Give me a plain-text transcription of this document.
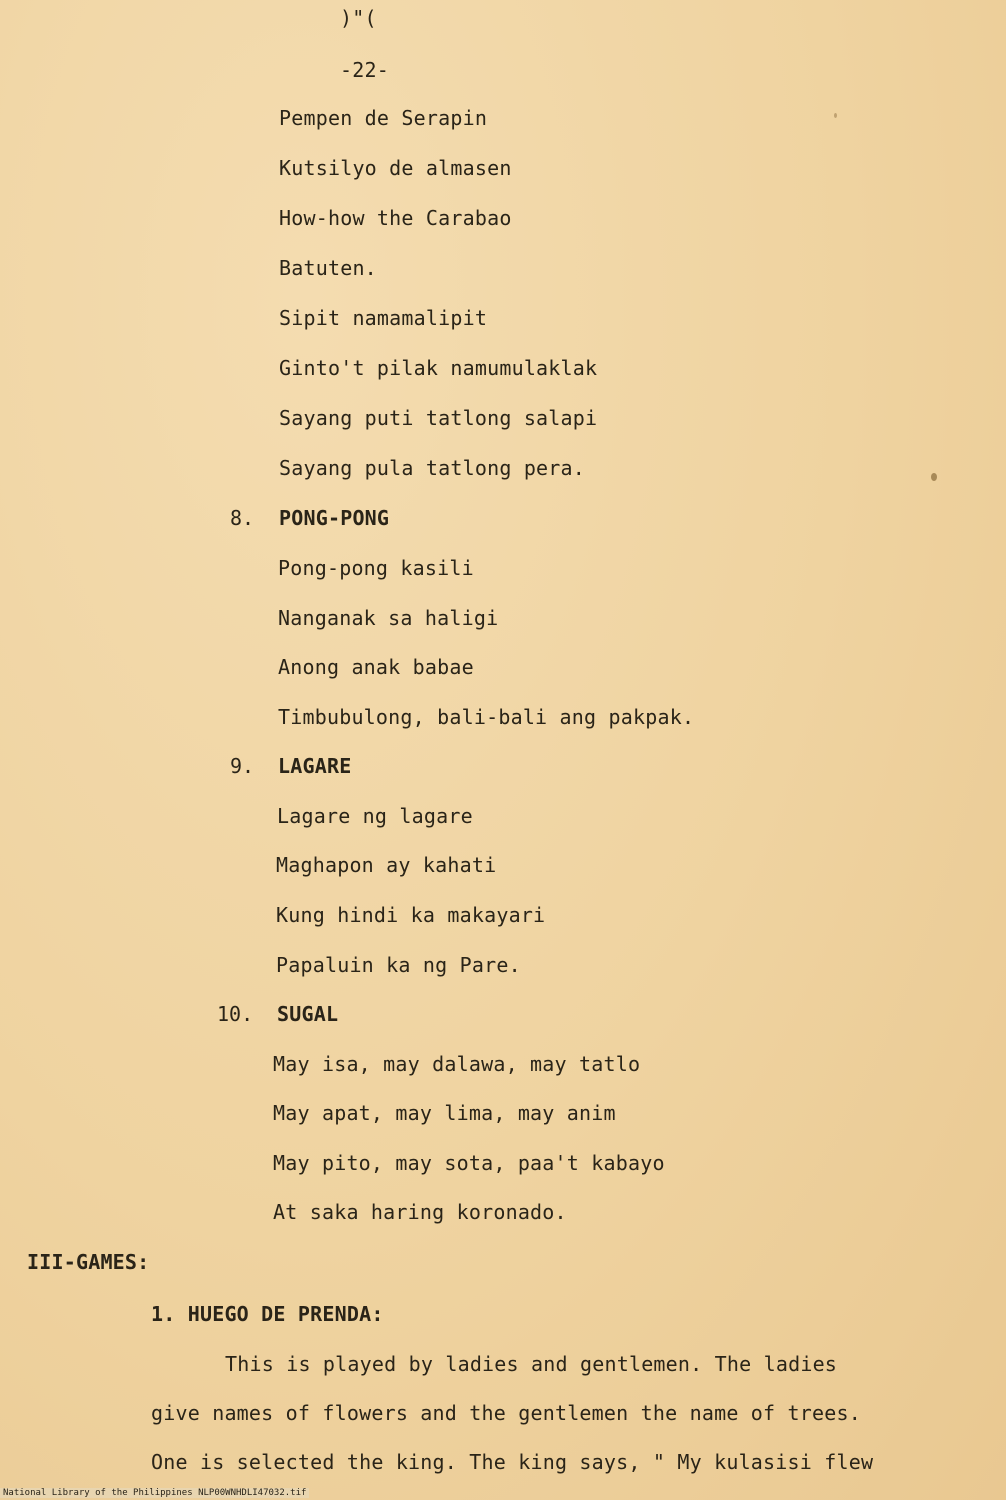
)"(
-22-
Pempen de Serapin
Kutsilyo de almasen
How-how the Carabao
Batuten.
Sipit namamalipit
Ginto't pilak namumulaklak
Sayang puti tatlong salapi
Sayang pula tatlong pera.
8. PONG-PONG
Pong-pong kasili
Nanganak sa haligi
Anong anak babae
Timbubulong, bali-bali ang pakpak.
9. LAGARE
Lagare ng lagare
Maghapon ay kahati
Kung hindi ka makayari
Papaluin ka ng Pare.
10. SUGAL
May isa, may dalawa, may tatlo
May apat, may lima, may anim
May pito, may sota, paa't kabayo
At saka haring koronado.
III-GAMES:
1. HUEGO DE PRENDA:
This is played by ladies and gentlemen. The ladies
give names of flowers and the gentlemen the name of trees.
One is selected the king. The king says, " My kulasisi flew
National Library of the Philippines NLP00WNHDLI47032.tif
